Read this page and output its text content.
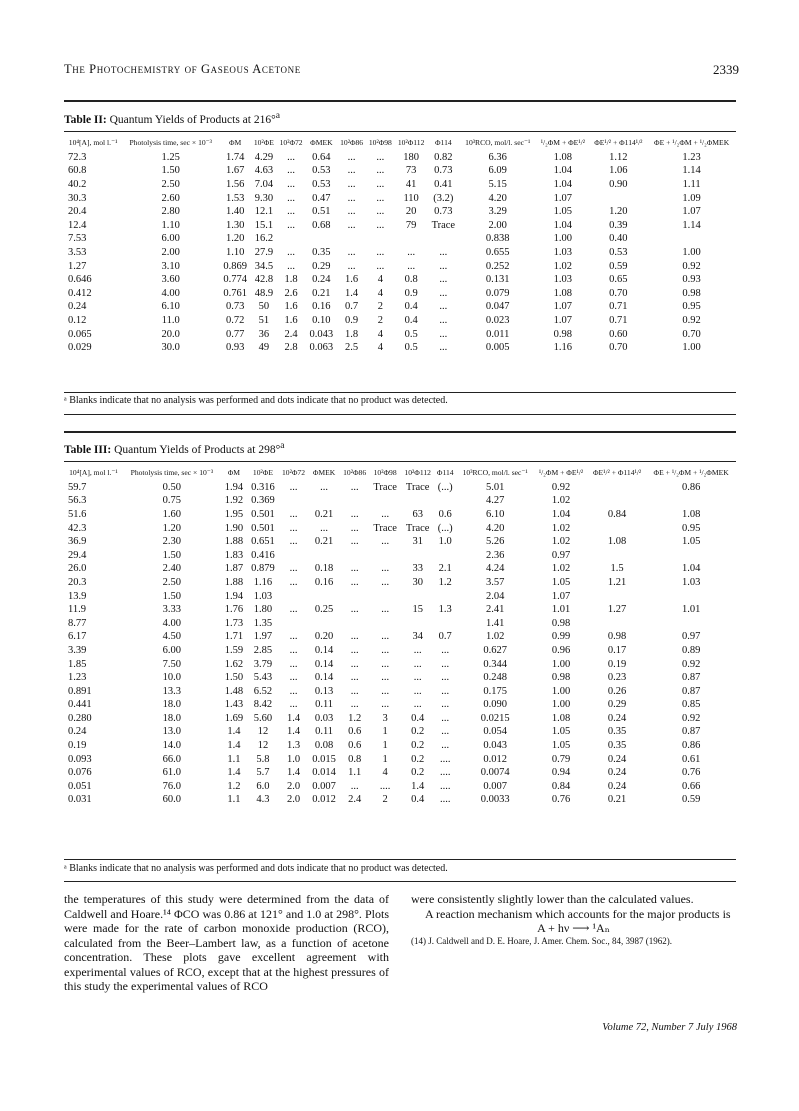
The Photochemistry of Gaseous Acetone	2339
Table II: Quantum Yields of Products at 216°$^a$
10⁴[A], mol l.⁻¹	Photolysis time, sec × 10⁻³	ΦM	10²ΦE	10²Φ72	ΦMEK	10²Φ86	10²Φ98	10²Φ112	Φ114	10³RCO, mol/l. sec⁻¹	¹/₂ΦM + ΦE¹/²	ΦE¹/² + Φ114¹/²	ΦE + ¹/₂ΦM + ¹/₂ΦMEK
72.3	1.25	1.74	4.29	...	0.64	...	...	180	0.82	6.36	1.08	1.12	1.23
60.8	1.50	1.67	4.63	...	0.53	...	...	73	0.73	6.09	1.04	1.06	1.14
40.2	2.50	1.56	7.04	...	0.53	...	...	41	0.41	5.15	1.04	0.90	1.11
30.3	2.60	1.53	9.30	...	0.47	...	...	110	(3.2)	4.20	1.07		1.09
20.4	2.80	1.40	12.1	...	0.51	...	...	20	0.73	3.29	1.05	1.20	1.07
12.4	1.10	1.30	15.1	...	0.68	...	...	79	Trace	2.00	1.04	0.39	1.14
7.53	6.00	1.20	16.2							0.838	1.00	0.40	
3.53	2.00	1.10	27.9	...	0.35	...	...	...	...	0.655	1.03	0.53	1.00
1.27	3.10	0.869	34.5	...	0.29	...	...	...	...	0.252	1.02	0.59	0.92
0.646	3.60	0.774	42.8	1.8	0.24	1.6	4	0.8	...	0.131	1.03	0.65	0.93
0.412	4.00	0.761	48.9	2.6	0.21	1.4	4	0.9	...	0.079	1.08	0.70	0.98
0.24	6.10	0.73	50	1.6	0.16	0.7	2	0.4	...	0.047	1.07	0.71	0.95
0.12	11.0	0.72	51	1.6	0.10	0.9	2	0.4	...	0.023	1.07	0.71	0.92
0.065	20.0	0.77	36	2.4	0.043	1.8	4	0.5	...	0.011	0.98	0.60	0.70
0.029	30.0	0.93	49	2.8	0.063	2.5	4	0.5	...	0.005	1.16	0.70	1.00
ᵃ Blanks indicate that no analysis was performed and dots indicate that no product was detected.
Table III: Quantum Yields of Products at 298°$^a$
10⁴[A], mol l.⁻¹	Photolysis time, sec × 10⁻³	ΦM	10²ΦE	10²Φ72	ΦMEK	10²Φ86	10²Φ98	10²Φ112	Φ114	10³RCO, mol/l. sec⁻¹	¹/₂ΦM + ΦE¹/²	ΦE¹/² + Φ114¹/²	ΦE + ¹/₂ΦM + ¹/₂ΦMEK
59.7	0.50	1.94	0.316	...	...	...	Trace	Trace	(...)	5.01	0.92		0.86
56.3	0.75	1.92	0.369							4.27	1.02		
51.6	1.60	1.95	0.501	...	0.21	...	...	63	0.6	6.10	1.04	0.84	1.08
42.3	1.20	1.90	0.501	...	...	...	Trace	Trace	(...)	4.20	1.02		0.95
36.9	2.30	1.88	0.651	...	0.21	...	...	31	1.0	5.26	1.02	1.08	1.05
29.4	1.50	1.83	0.416							2.36	0.97		
26.0	2.40	1.87	0.879	...	0.18	...	...	33	2.1	4.24	1.02	1.5	1.04
20.3	2.50	1.88	1.16	...	0.16	...	...	30	1.2	3.57	1.05	1.21	1.03
13.9	1.50	1.94	1.03							2.04	1.07		
11.9	3.33	1.76	1.80	...	0.25	...	...	15	1.3	2.41	1.01	1.27	1.01
8.77	4.00	1.73	1.35							1.41	0.98		
6.17	4.50	1.71	1.97	...	0.20	...	...	34	0.7	1.02	0.99	0.98	0.97
3.39	6.00	1.59	2.85	...	0.14	...	...	...	...	0.627	0.96	0.17	0.89
1.85	7.50	1.62	3.79	...	0.14	...	...	...	...	0.344	1.00	0.19	0.92
1.23	10.0	1.50	5.43	...	0.14	...	...	...	...	0.248	0.98	0.23	0.87
0.891	13.3	1.48	6.52	...	0.13	...	...	...	...	0.175	1.00	0.26	0.87
0.441	18.0	1.43	8.42	...	0.11	...	...	...	...	0.090	1.00	0.29	0.85
0.280	18.0	1.69	5.60	1.4	0.03	1.2	3	0.4	...	0.0215	1.08	0.24	0.92
0.24	13.0	1.4	12	1.4	0.11	0.6	1	0.2	...	0.054	1.05	0.35	0.87
0.19	14.0	1.4	12	1.3	0.08	0.6	1	0.2	...	0.043	1.05	0.35	0.86
0.093	66.0	1.1	5.8	1.0	0.015	0.8	1	0.2	....	0.012	0.79	0.24	0.61
0.076	61.0	1.4	5.7	1.4	0.014	1.1	4	0.2	....	0.0074	0.94	0.24	0.76
0.051	76.0	1.2	6.0	2.0	0.007	...	....	1.4	....	0.007	0.84	0.24	0.66
0.031	60.0	1.1	4.3	2.0	0.012	2.4	2	0.4	....	0.0033	0.76	0.21	0.59
ᵃ Blanks indicate that no analysis was performed and dots indicate that no product was detected.

the temperatures of this study were determined from the data of Caldwell and Hoare.¹⁴ ΦCO was 0.86 at 121° and 1.0 at 298°. Plots were made for the rate of carbon monoxide production (RCO), calculated from the Beer–Lambert law, as a function of acetone concentration. These plots gave excellent agreement with experimental values of RCO, except that at the highest pressures of this study the experimental values of RCO

were consistently slightly lower than the calculated values.

A reaction mechanism which accounts for the major products is

A + hν ⟶ ¹Aₙ

(14) J. Caldwell and D. E. Hoare, J. Amer. Chem. Soc., 84, 3987 (1962).

Volume 72, Number 7 July 1968
